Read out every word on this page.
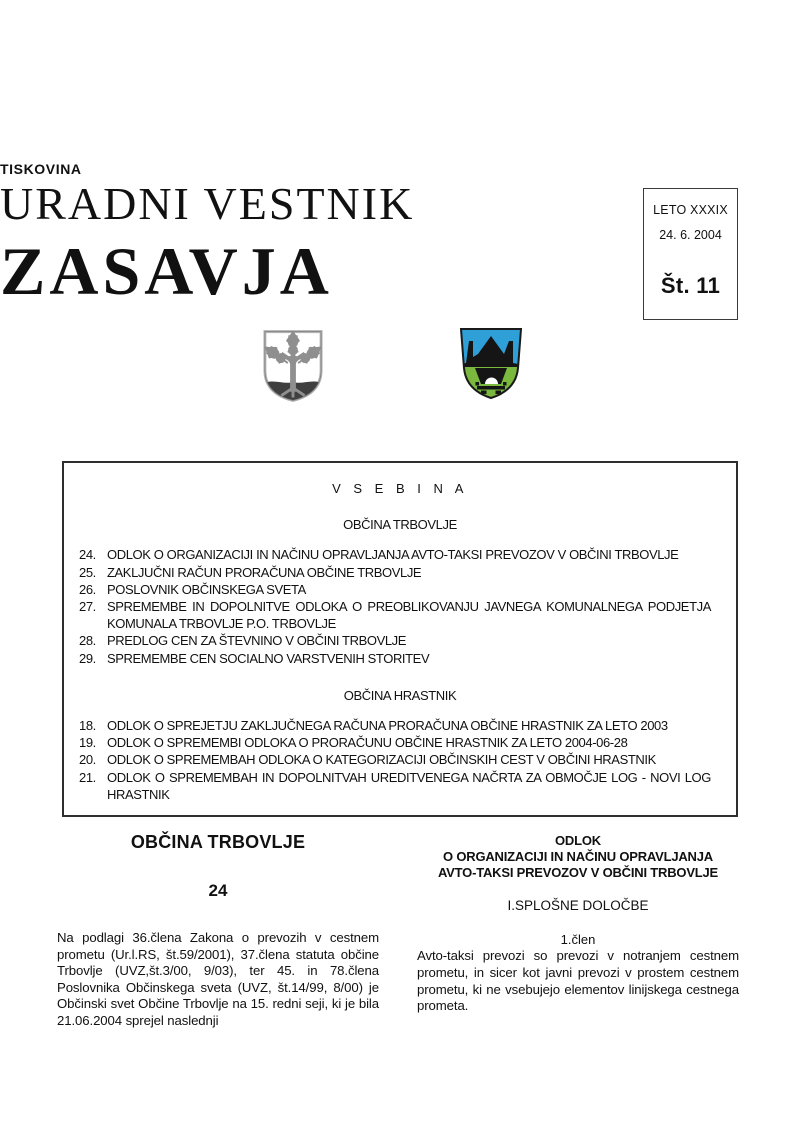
TISKOVINA
URADNI VESTNIK
ZASAVJA
LETO XXXIX
24. 6. 2004
Št. 11
V S E B I N A
OBČINA TRBOVLJE
24. ODLOK O ORGANIZACIJI IN NAČINU OPRAVLJANJA AVTO-TAKSI PREVOZOV V OBČINI TRBOVLJE
25. ZAKLJUČNI RAČUN PRORAČUNA OBČINE TRBOVLJE
26. POSLOVNIK OBČINSKEGA SVETA
27. SPREMEMBE IN DOPOLNITVE ODLOKA O PREOBLIKOVANJU JAVNEGA KOMUNALNEGA PODJETJA KOMUNALA TRBOVLJE P.O. TRBOVLJE
28. PREDLOG CEN ZA ŠTEVNINO V OBČINI TRBOVLJE
29. SPREMEMBE CEN SOCIALNO VARSTVENIH STORITEV
OBČINA HRASTNIK
18. ODLOK O SPREJETJU ZAKLJUČNEGA RAČUNA PRORAČUNA OBČINE HRASTNIK ZA LETO 2003
19. ODLOK O SPREMEMBI ODLOKA O PRORAČUNU OBČINE HRASTNIK ZA LETO 2004-06-28
20. ODLOK O SPREMEMBAH ODLOKA O KATEGORIZACIJI OBČINSKIH CEST V OBČINI HRASTNIK
21. ODLOK O SPREMEMBAH IN DOPOLNITVAH UREDITVENEGA NAČRTA ZA OBMOČJE LOG - NOVI LOG HRASTNIK
OBČINA TRBOVLJE
24
Na podlagi 36.člena Zakona o prevozih v cestnem prometu (Ur.l.RS, št.59/2001), 37.člena statuta občine Trbovlje (UVZ,št.3/00, 9/03), ter 45. in 78.člena Poslovnika Občinskega sveta (UVZ, št.14/99, 8/00) je Občinski svet Občine Trbovlje na 15. redni seji, ki je bila 21.06.2004 sprejel naslednji
ODLOK
O ORGANIZACIJI IN NAČINU OPRAVLJANJA
AVTO-TAKSI PREVOZOV V OBČINI TRBOVLJE
I.SPLOŠNE DOLOČBE
1.člen
Avto-taksi prevozi so prevozi v notranjem cestnem prometu, in sicer kot javni prevozi v prostem cestnem prometu, ki ne vsebujejo elementov linijskega cestnega prometa.
